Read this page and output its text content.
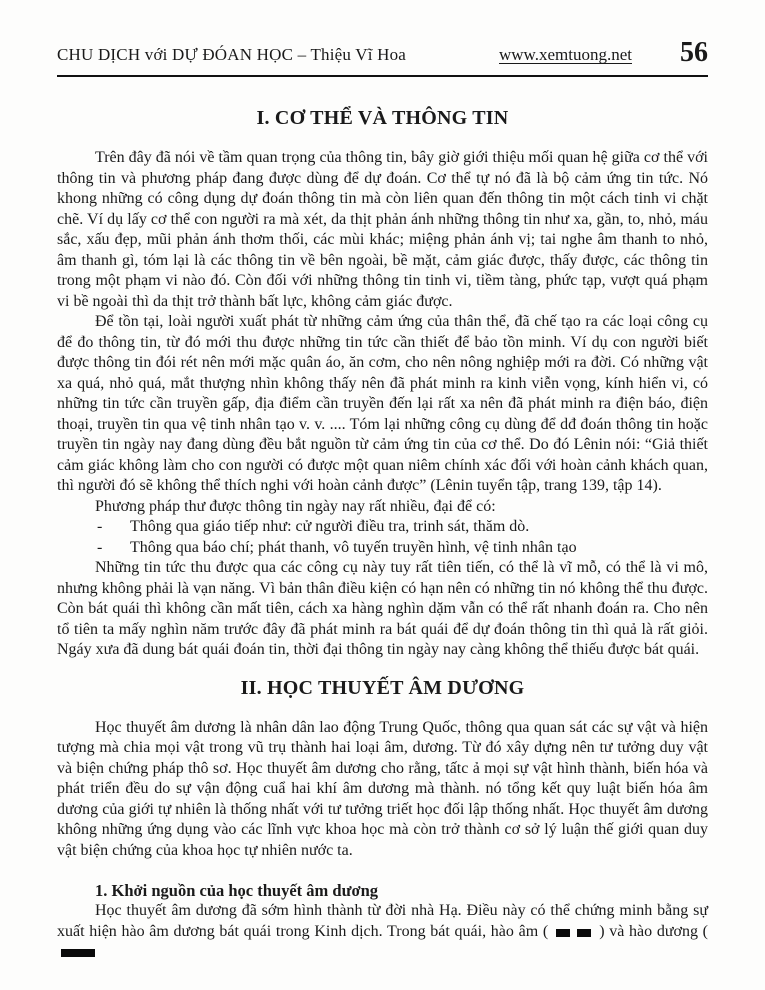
CHU DỊCH với DỰ ĐÓAN HỌC – Thiệu Vĩ Hoa	www.xemtuong.net 56
I. CƠ THỂ VÀ THÔNG TIN

Trên đây đã nói về tầm quan trọng của thông tin, bây giờ giới thiệu mối quan hệ giữa cơ thể với thông tin và phương pháp đang được dùng để dự đoán. Cơ thể tự nó đã là bộ cảm ứng tin tức. Nó khong những có công dụng dự đoán thông tin mà còn liên quan đến thông tin một cách tinh vi chặt chẽ. Ví dụ lấy cơ thể con người ra mà xét, da thịt phản ánh những thông tin như xa, gần, to, nhỏ, máu sắc, xấu đẹp, mũi phản ánh thơm thối, các mùi khác; miệng phản ánh vị; tai nghe âm thanh to nhỏ, âm thanh gì, tóm lại là các thông tin về bên ngoài, bề mặt, cảm giác được, thấy được, các thông tin trong một phạm vi nào đó. Còn đối với những thông tin tinh vi, tiềm tàng, phức tạp, vượt quá phạm vi bề ngoài thì da thịt trở thành bất lực, không cảm giác được.

Để tồn tại, loài người xuất phát từ những cảm ứng của thân thể, đã chế tạo ra các loại công cụ để đo thông tin, từ đó mới thu được những tin tức cần thiết để bảo tồn minh. Ví dụ con người biết được thông tin đói rét nên mới mặc quân áo, ăn cơm, cho nên nông nghiệp mới ra đời. Có những vật xa quá, nhỏ quá, mắt thượng nhìn không thấy nên đã phát minh ra kinh viễn vọng, kính hiển vi, có những tin tức cần truyền gấp, địa điểm cần truyền đến lại rất xa nên đã phát minh ra điện báo, điện thoại, truyền tin qua vệ tinh nhân tạo v. v. .... Tóm lại những công cụ dùng để dđ đoán thông tin hoặc truyền tin ngày nay đang dùng đều bắt nguồn từ cảm ứng tin của cơ thể. Do đó Lênin nói: “Giả thiết cảm giác không làm cho con người có được một quan niêm chính xác đối với hoàn cảnh khách quan, thì người đó sẽ không thể thích nghi với hoàn cảnh được” (Lênin tuyển tập, trang 139, tập 14).

Phương pháp thư được thông tin ngày nay rất nhiều, đại để có:

-	Thông qua giáo tiếp như: cử người điều tra, trinh sát, thăm dò.
-	Thông qua báo chí; phát thanh, vô tuyến truyền hình, vệ tinh nhân tạo

Những tin tức thu được qua các công cụ này tuy rất tiên tiến, có thể là vĩ mỗ, có thể là vi mô, nhưng không phải là vạn năng. Vì bản thân điều kiện có hạn nên có những tin nó không thể thu được. Còn bát quái thì không cần mất tiên, cách xa hàng nghìn dặm vẫn có thể rất nhanh đoán ra. Cho nên tổ tiên ta mấy nghìn năm trước đây đã phát minh ra bát quái để dự đoán thông tin thì quả là rất giỏi. Ngáy xưa đã dung bát quái đoán tin, thời đại thông tin ngày nay càng không thể thiếu được bát quái.

II. HỌC THUYẾT ÂM DƯƠNG

Học thuyết âm dương là nhân dân lao động Trung Quốc, thông qua quan sát các sự vật và hiện tượng mà chia mọi vật trong vũ trụ thành hai loại âm, dương. Từ đó xây dựng nên tư tưởng duy vật và biện chứng pháp thô sơ. Học thuyết âm dương cho rằng, tấtc ả mọi sự vật hình thành, biến hóa và phát triển đều do sự vận động cuẩ hai khí âm dương mà thành. nó tổng kết quy luật biến hóa âm dương của giới tự nhiên là thống nhất với tư tưởng triết học đối lập thống nhất. Học thuyết âm dương không những ứng dụng vào các lĩnh vực khoa học mà còn trở thành cơ sở lý luận thế giới quan duy vật biện chứng của khoa học tự nhiên nước ta.

1. Khởi nguồn của học thuyết âm dương

Học thuyết âm dương đã sớm hình thành từ đời nhà Hạ. Điều này có thể chứng minh bằng sự xuất hiện hào âm dương bát quái trong Kinh dịch. Trong bát quái, hào âm (	) và hào dương (
